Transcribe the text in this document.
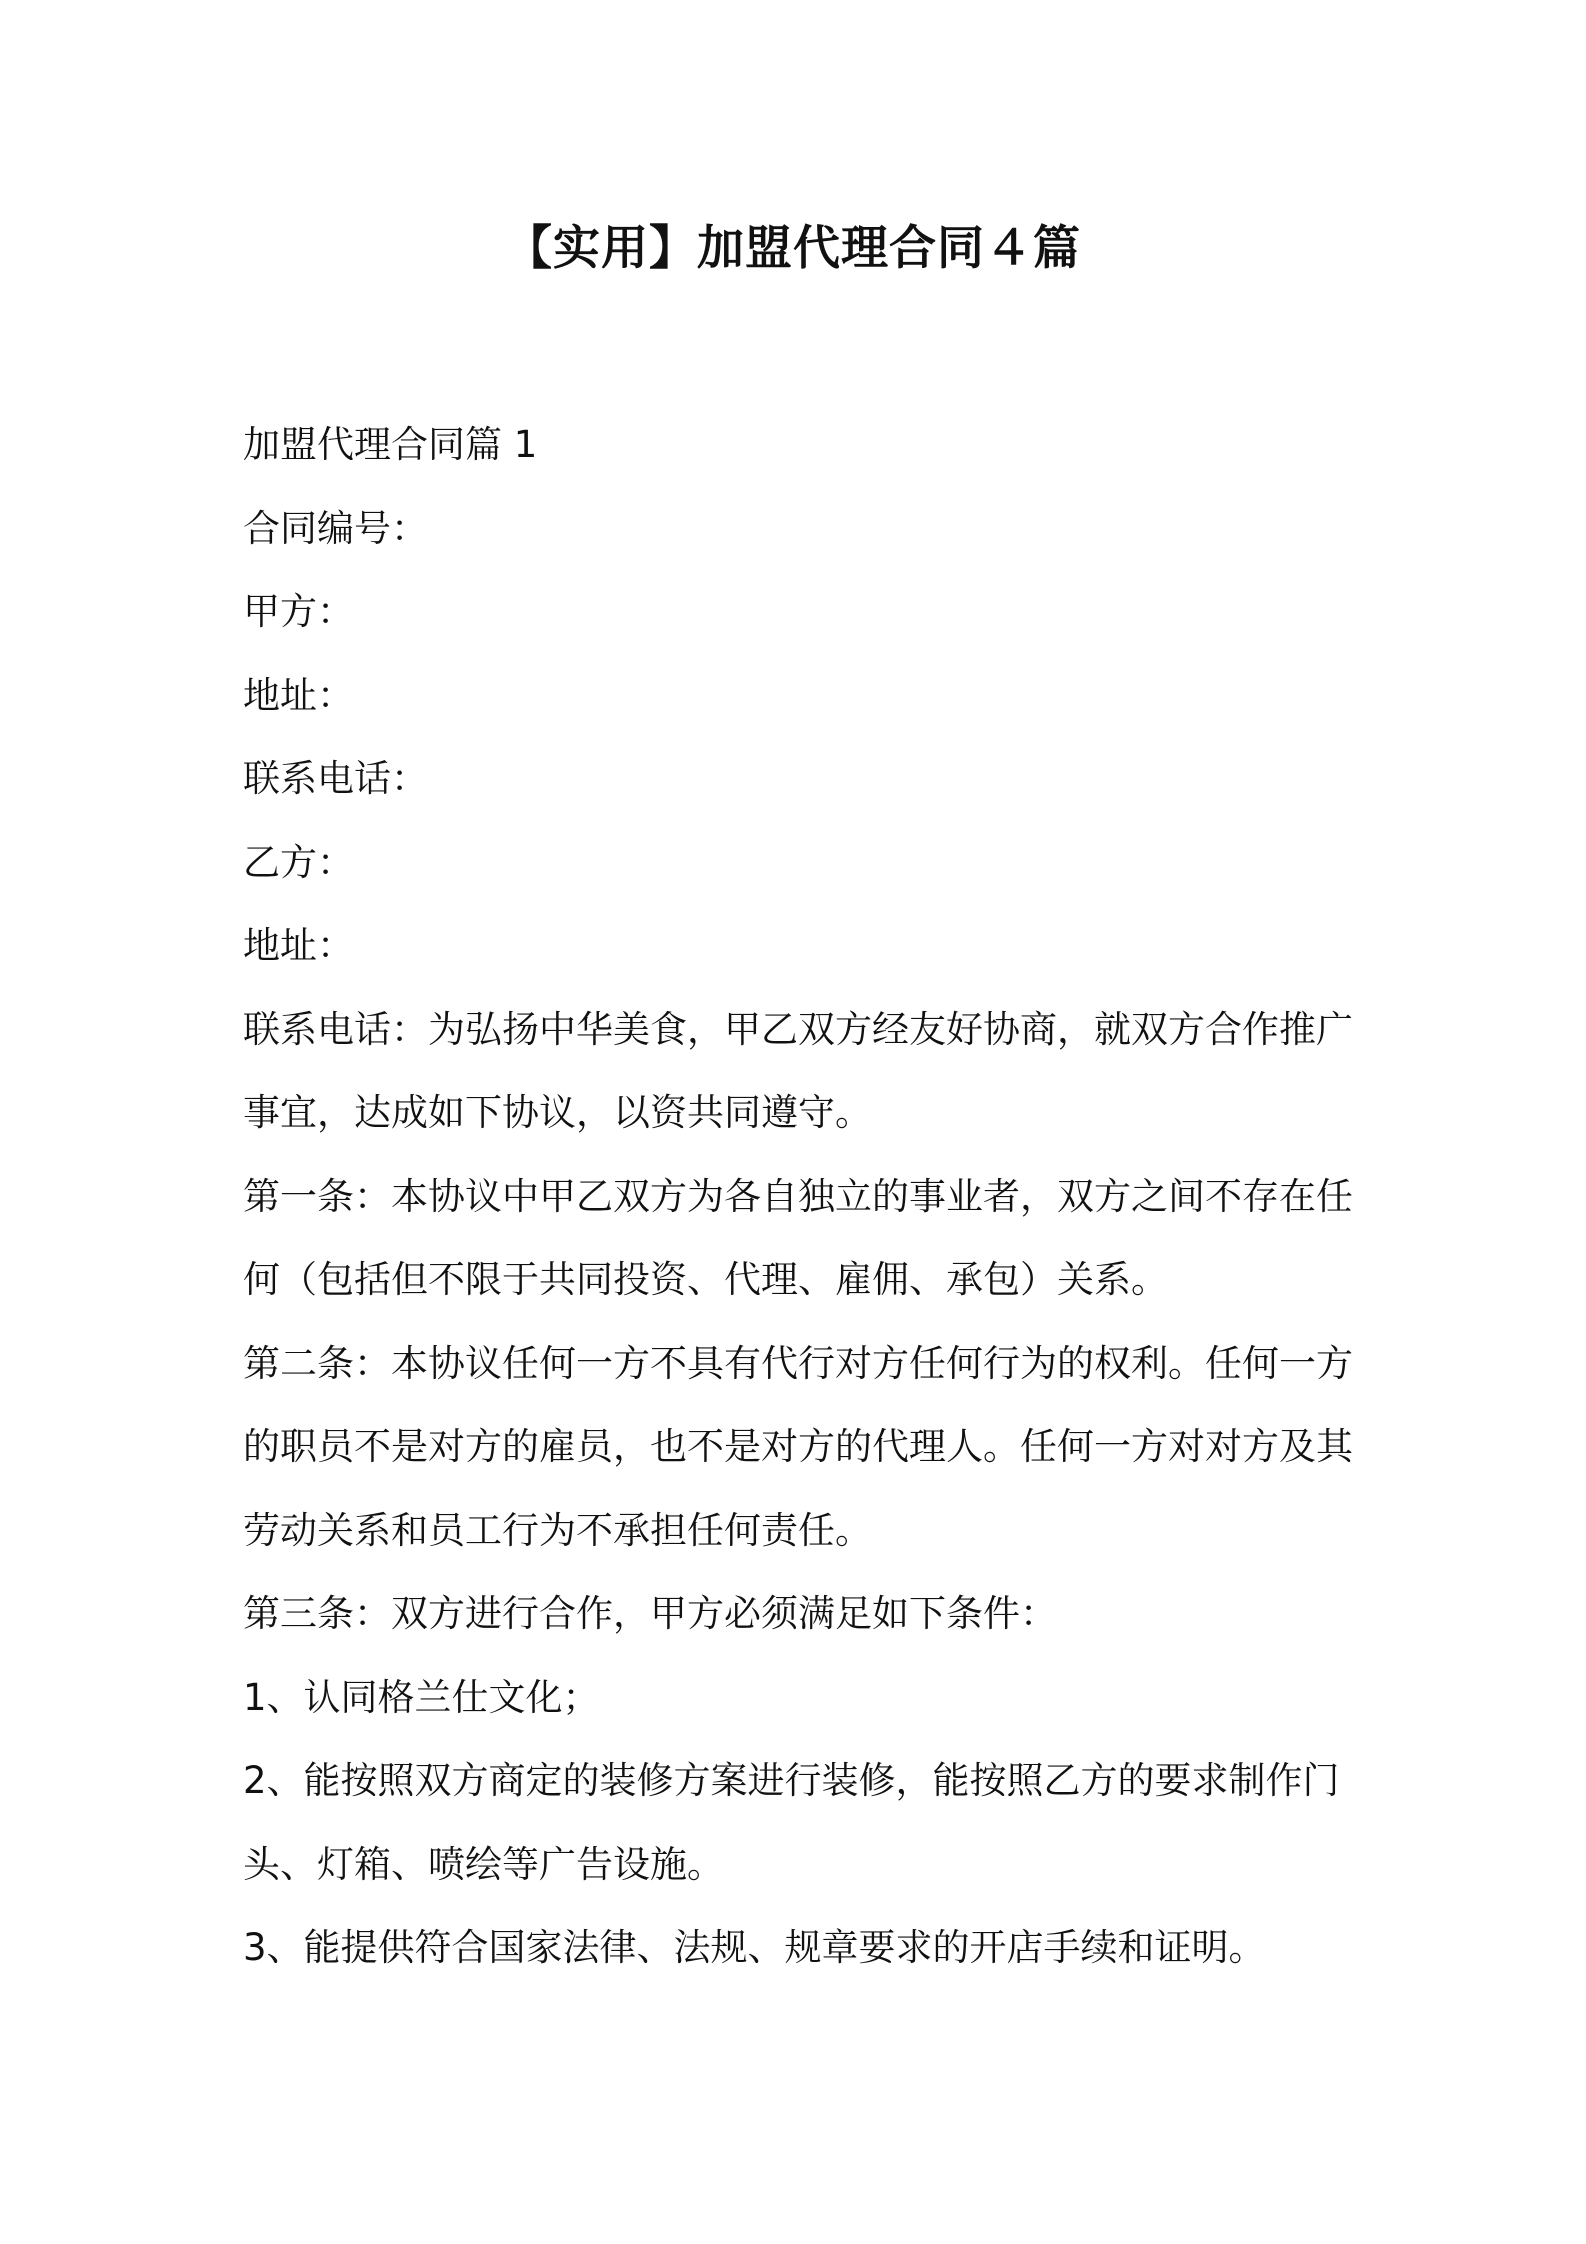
【实用】加盟代理合同４篇

加盟代理合同篇 1

合同编号：

甲方：

地址：

联系电话：

乙方：

地址：

联系电话：为弘扬中华美食，甲乙双方经友好协商，就双方合作推广事宜，达成如下协议，以资共同遵守。

第一条：本协议中甲乙双方为各自独立的事业者，双方之间不存在任何（包括但不限于共同投资、代理、雇佣、承包）关系。

第二条：本协议任何一方不具有代行对方任何行为的权利。任何一方的职员不是对方的雇员，也不是对方的代理人。任何一方对对方及其劳动关系和员工行为不承担任何责任。

第三条：双方进行合作，甲方必须满足如下条件：

1、认同格兰仕文化；

2、能按照双方商定的装修方案进行装修，能按照乙方的要求制作门头、灯箱、喷绘等广告设施。

3、能提供符合国家法律、法规、规章要求的开店手续和证明。
